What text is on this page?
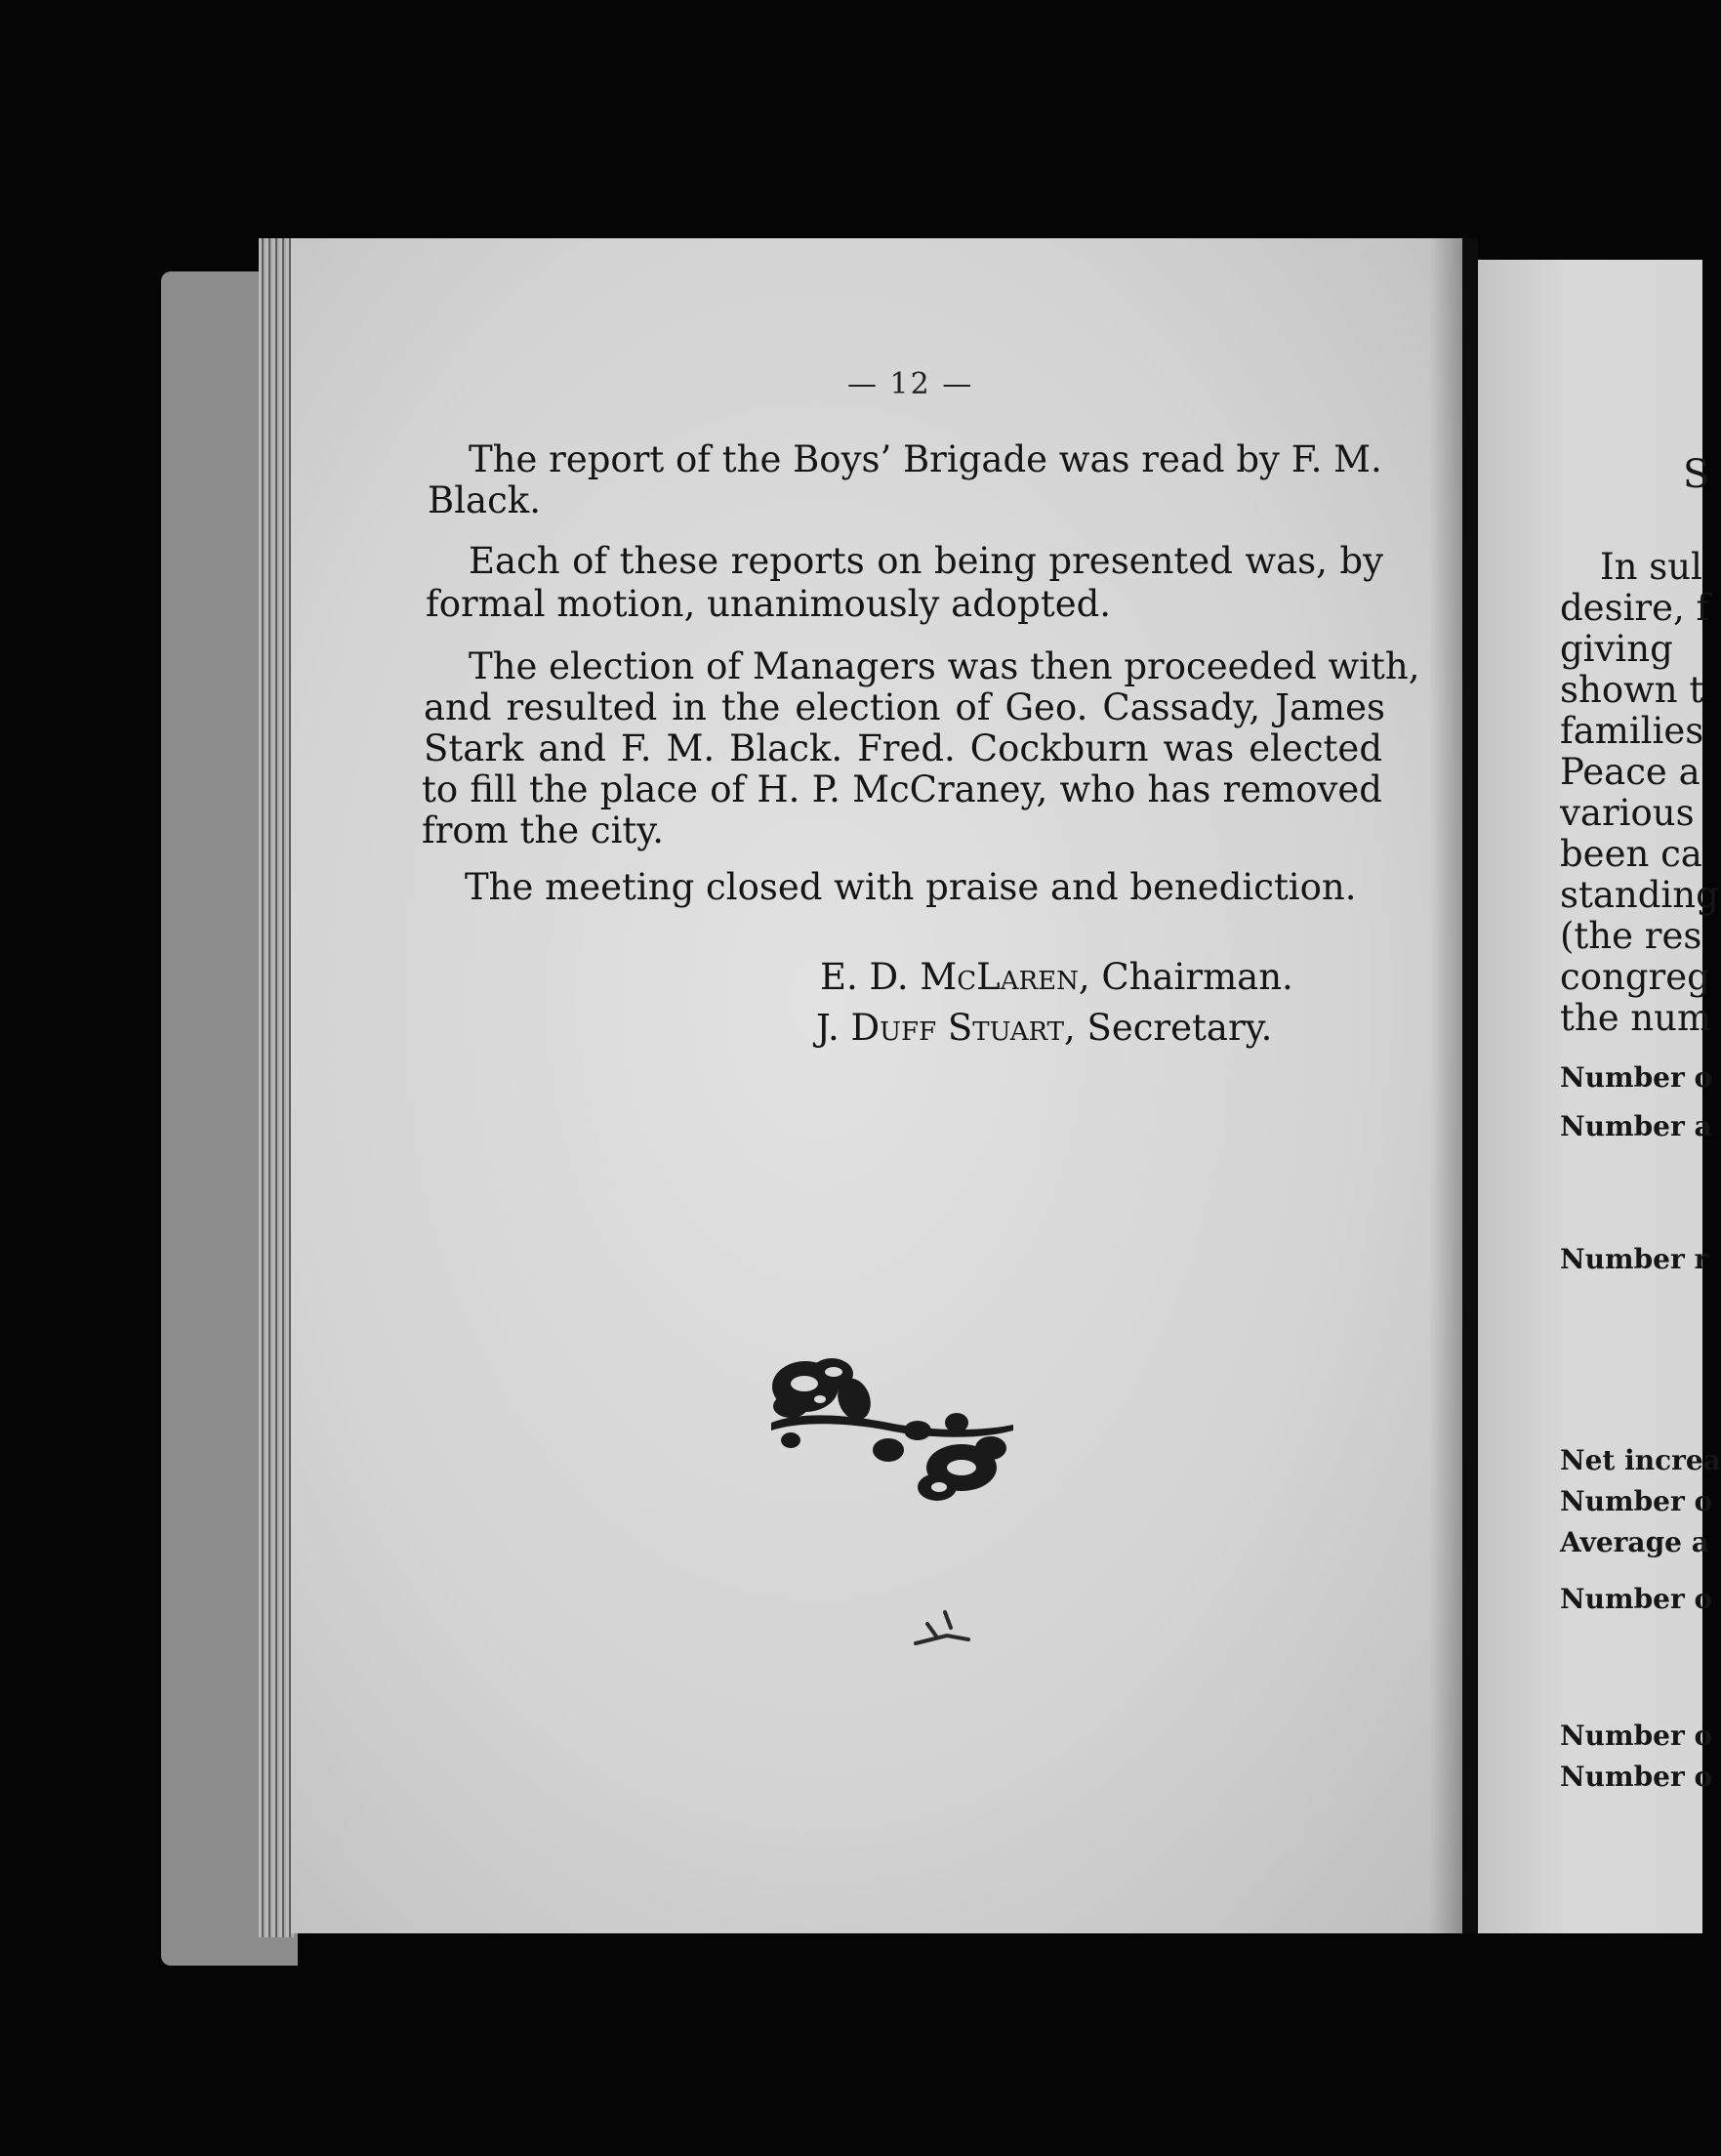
S
In sul
desire, f
giving
shown t
families
Peace a
various
been ca
standing
(the res
congreg
the num
Number o
Number a
Number r
Net increa
Number o
Average a
Number o
Number o
Number o
— 12 —
The report of the Boys’ Brigade was read by F. M.
Black.
Each of these reports on being presented was, by
formal motion, unanimously adopted.
The election of Managers was then proceeded with,
and resulted in the election of Geo. Cassady, James
Stark and F. M. Black. Fred. Cockburn was elected
to fill the place of H. P. McCraney, who has removed
from the city.
The meeting closed with praise and benediction.
E. D. McLaren, Chairman.
J. Duff Stuart, Secretary.
